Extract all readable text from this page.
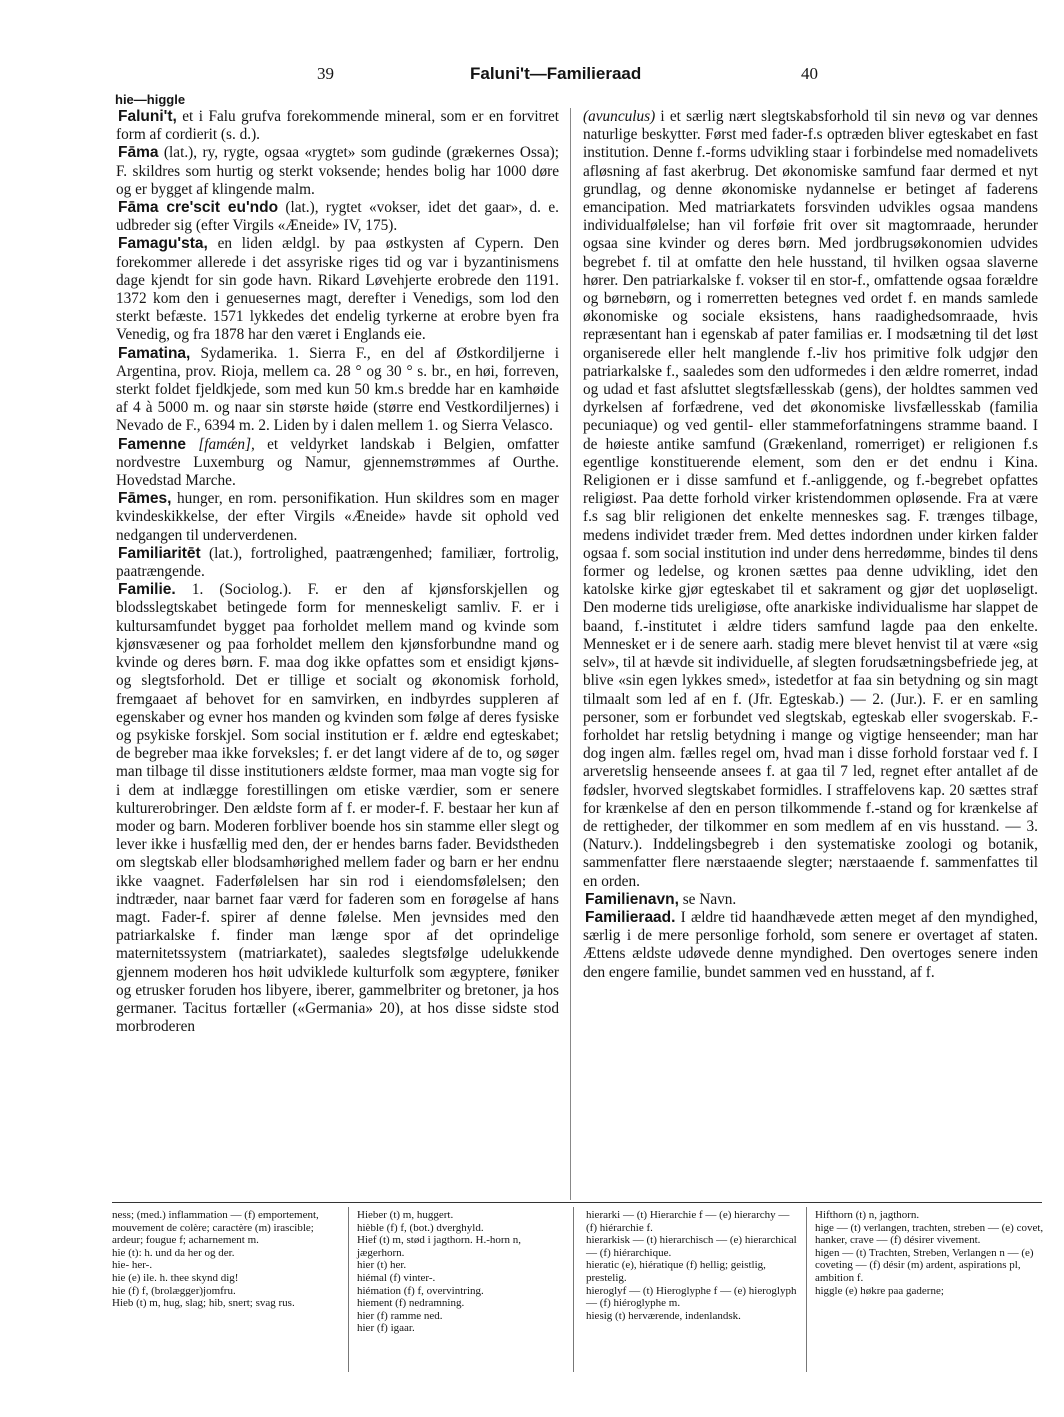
39	Faluni't—Familieraad	40
hie—higgle

Faluni't, et i Falu grufva forekommende mineral, som er en forvitret form af cordierit (s. d.).

Fāma (lat.), ry, rygte, ogsaa «rygtet» som gudinde (grækernes Ossa); F. skildres som hurtig og sterkt voksende; hendes bolig har 1000 døre og er bygget af klingende malm.

Fāma cre'scit eu'ndo (lat.), rygtet «vokser, idet det gaar», d. e. udbreder sig (efter Virgils «Æneide» IV, 175).

Famagu'sta, en liden ældgl. by paa østkysten af Cypern. Den forekommer allerede i det assyriske riges tid og var i byzantinismens dage kjendt for sin gode havn. Rikard Løvehjerte erobrede den 1191. 1372 kom den i genuesernes magt, derefter i Venedigs, som lod den sterkt befæste. 1571 lykkedes det endelig tyrkerne at erobre byen fra Venedig, og fra 1878 har den været i Englands eie.

Famatina, Sydamerika. 1. Sierra F., en del af Østkordiljerne i Argentina, prov. Rioja, mellem ca. 28 ° og 30 ° s. br., en høi, forreven, sterkt foldet fjeldkjede, som med kun 50 km.s bredde har en kamhøide af 4 à 5000 m. og naar sin største høide (større end Vestkordiljernes) i Nevado de F., 6394 m. 2. Liden by i dalen mellem 1. og Sierra Velasco.

Famenne [famǽn], et veldyrket landskab i Belgien, omfatter nordvestre Luxemburg og Namur, gjennemstrømmes af Ourthe. Hovedstad Marche.

Fāmes, hunger, en rom. personifikation. Hun skildres som en mager kvindeskikkelse, der efter Virgils «Æneide» havde sit ophold ved nedgangen til underverdenen.

Familiaritēt (lat.), fortrolighed, paatrængenhed; familiær, fortrolig, paatrængende.

Familie. 1. (Sociolog.). F. er den af kjønsforskjellen og blodsslegtskabet betingede form for menneskeligt samliv. F. er i kultursamfundet bygget paa forholdet mellem mand og kvinde som kjønsvæsener og paa forholdet mellem den kjønsforbundne mand og kvinde og deres børn. F. maa dog ikke opfattes som et ensidigt kjøns- og slegtsforhold. Det er tillige et socialt og økonomisk forhold, fremgaaet af behovet for en samvirken, en indbyrdes suppleren af egenskaber og evner hos manden og kvinden som følge af deres fysiske og psykiske forskjel. Som social institution er f. ældre end egteskabet; de begreber maa ikke forveksles; f. er det langt videre af de to, og søger man tilbage til disse institutioners ældste former, maa man vogte sig for i dem at indlægge forestillingen om etiske værdier, som er senere kulturerobringer. Den ældste form af f. er moder-f. F. bestaar her kun af moder og barn. Moderen forbliver boende hos sin stamme eller slegt og lever ikke i husfællig med den, der er hendes barns fader. Bevidstheden om slegtskab eller blodsamhørighed mellem fader og barn er her endnu ikke vaagnet. Faderfølelsen har sin rod i eiendomsfølelsen; den indtræder, naar barnet faar værd for faderen som en forøgelse af hans magt. Fader-f. spirer af denne følelse. Men jevnsides med den patriarkalske f. finder man længe spor af det oprindelige maternitetssystem (matriarkatet), saaledes slegtsfølge udelukkende gjennem moderen hos høit udviklede kulturfolk som ægyptere, føniker og etrusker foruden hos libyere, iberer, gammelbriter og bretoner, ja hos germaner. Tacitus fortæller («Germania» 20), at hos disse sidste stod morbroderen

(avunculus) i et særlig nært slegtskabsforhold til sin nevø og var dennes naturlige beskytter. Først med fader-f.s optræden bliver egteskabet en fast institution. Denne f.-forms udvikling staar i forbindelse med nomadelivets afløsning af fast akerbrug. Det økonomiske samfund faar dermed et nyt grundlag, og denne økonomiske nydannelse er betinget af faderens emancipation. Med matriarkatets forsvinden udvikles ogsaa mandens individualfølelse; han vil forføie frit over sit magtomraade, herunder ogsaa sine kvinder og deres børn. Med jordbrugsøkonomien udvides begrebet f. til at omfatte den hele husstand, til hvilken ogsaa slaverne hører. Den patriarkalske f. vokser til en stor-f., omfattende ogsaa forældre og børnebørn, og i romerretten betegnes ved ordet f. en mands samlede økonomiske og sociale eksistens, hans raadighedsomraade, hvis repræsentant han i egenskab af pater familias er. I modsætning til det løst organiserede eller helt manglende f.-liv hos primitive folk udgjør den patriarkalske f., saaledes som den udformedes i den ældre romerret, indad og udad et fast afsluttet slegtsfællesskab (gens), der holdtes sammen ved dyrkelsen af forfædrene, ved det økonomiske livsfællesskab (familia pecuniaque) og ved gentil- eller stammeforfatningens stramme baand. I de høieste antike samfund (Grækenland, romerriget) er religionen f.s egentlige konstituerende element, som den er det endnu i Kina. Religionen er i disse samfund et f.-anliggende, og f.-begrebet opfattes religiøst. Paa dette forhold virker kristendommen opløsende. Fra at være f.s sag blir religionen det enkelte menneskes sag. F. trænges tilbage, medens individet træder frem. Med dettes indordnen under kirken falder ogsaa f. som social institution ind under dens herredømme, bindes til dens former og ledelse, og kronen sættes paa denne udvikling, idet den katolske kirke gjør egteskabet til et sakrament og gjør det uopløseligt. Den moderne tids ureligiøse, ofte anarkiske individualisme har slappet de baand, f.-institutet i ældre tiders samfund lagde paa den enkelte. Mennesket er i de senere aarh. stadig mere blevet henvist til at være «sig selv», til at hævde sit individuelle, af slegten forudsætningsbefriede jeg, at blive «sin egen lykkes smed», istedetfor at faa sin betydning og sin magt tilmaalt som led af en f. (Jfr. Egteskab.) — 2. (Jur.). F. er en samling personer, som er forbundet ved slegtskab, egteskab eller svogerskab. F.-forholdet har retslig betydning i mange og vigtige henseender; man har dog ingen alm. fælles regel om, hvad man i disse forhold forstaar ved f. I arveretslig henseende ansees f. at gaa til 7 led, regnet efter antallet af de fødsler, hvorved slegtskabet formidles. I straffelovens kap. 20 sættes straf for krænkelse af den en person tilkommende f.-stand og for krænkelse af de rettigheder, der tilkommer en som medlem af en vis husstand. — 3. (Naturv.). Inddelingsbegreb i den systematiske zoologi og botanik, sammenfatter flere nærstaaende slegter; nærstaaende f. sammenfattes til en orden.

Familienavn, se Navn.

Familieraad. I ældre tid haandhævede ætten meget af den myndighed, særlig i de mere personlige forhold, som senere er overtaget af staten. Ættens ældste udøvede denne myndighed. Den overtoges senere inden den engere familie, bundet sammen ved en husstand, af f.

ness; (med.) inflammation — (f) emportement, mouvement de colère; caractère (m) irascible; ardeur; fougue f; acharnement m.

hie (t): h. und da her og der.

hie- her-.

hie (e) ile. h. thee skynd dig!

hie (f) f, (brolægger)jomfru.

Hieb (t) m, hug, slag; hib, snert; svag rus.

Hieber (t) m, huggert.

hièble (f) f, (bot.) dverghyld.

Hief (t) m, stød i jagthorn. H.-horn n, jægerhorn.

hier (t) her.

hiémal (f) vinter-.

hiémation (f) f, overvintring.

hiement (f) nedramning.

hier (f) ramme ned.

hier (f) igaar.

hierarki — (t) Hierarchie f — (e) hierarchy — (f) hiérarchie f.

hierarkisk — (t) hierarchisch — (e) hierarchical — (f) hiérarchique.

hieratic (e), hiératique (f) hellig; geistlig, prestelig.

hieroglyf — (t) Hieroglyphe f — (e) hieroglyph — (f) hiéroglyphe m.

hiesig (t) herværende, indenlandsk.

Hifthorn (t) n, jagthorn.

hige — (t) verlangen, trachten, streben — (e) covet, hanker, crave — (f) désirer vivement.

higen — (t) Trachten, Streben, Verlangen n — (e) coveting — (f) désir (m) ardent, aspirations pl, ambition f.

higgle (e) høkre paa gaderne;
